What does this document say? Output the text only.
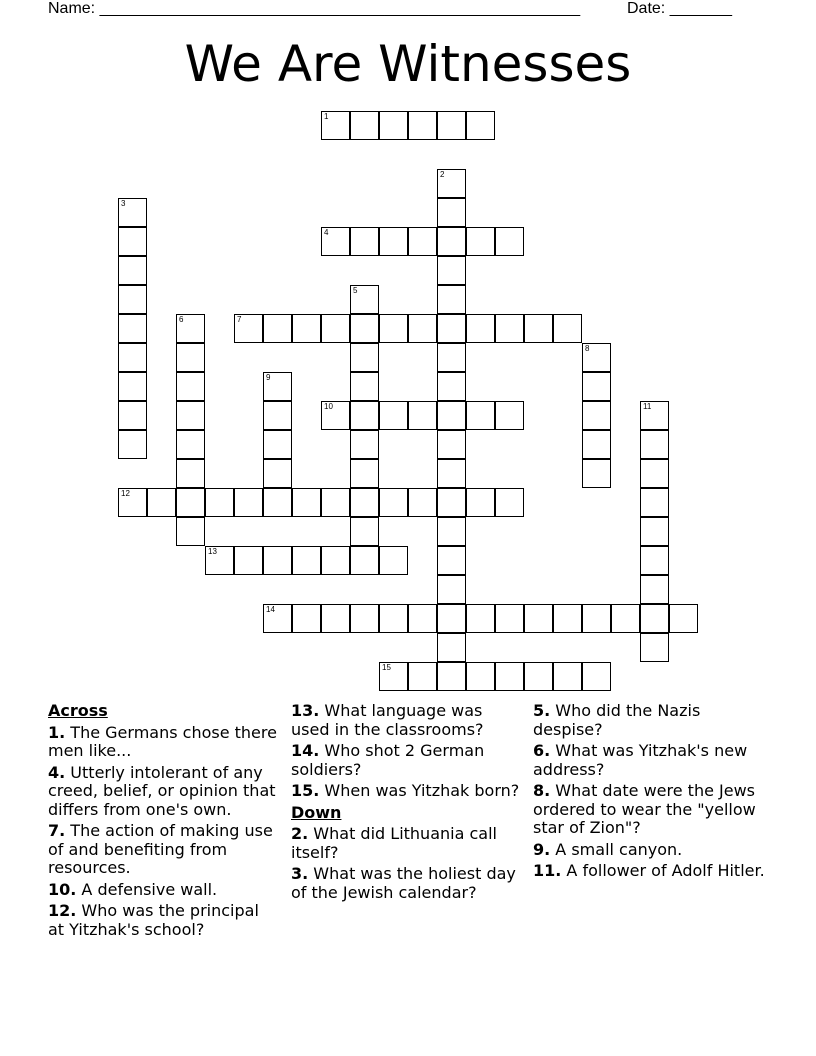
Name: ______________________________________________________	Date: _______
We Are Witnesses
1
2
3
4
5
6	7
8
9
10	11
12
13
14
15
Across
1. The Germans chose there men like...
4. Utterly intolerant of any creed, belief, or opinion that differs from one's own.
7. The action of making use of and benefiting from resources.
10. A defensive wall.
12. Who was the principal at Yitzhak's school?
13. What language was used in the classrooms?
14. Who shot 2 German soldiers?
15. When was Yitzhak born?
Down
2. What did Lithuania call itself?
3. What was the holiest day of the Jewish calendar?
5. Who did the Nazis despise?
6. What was Yitzhak's new address?
8. What date were the Jews ordered to wear the "yellow star of Zion"?
9. A small canyon.
11. A follower of Adolf Hitler.
